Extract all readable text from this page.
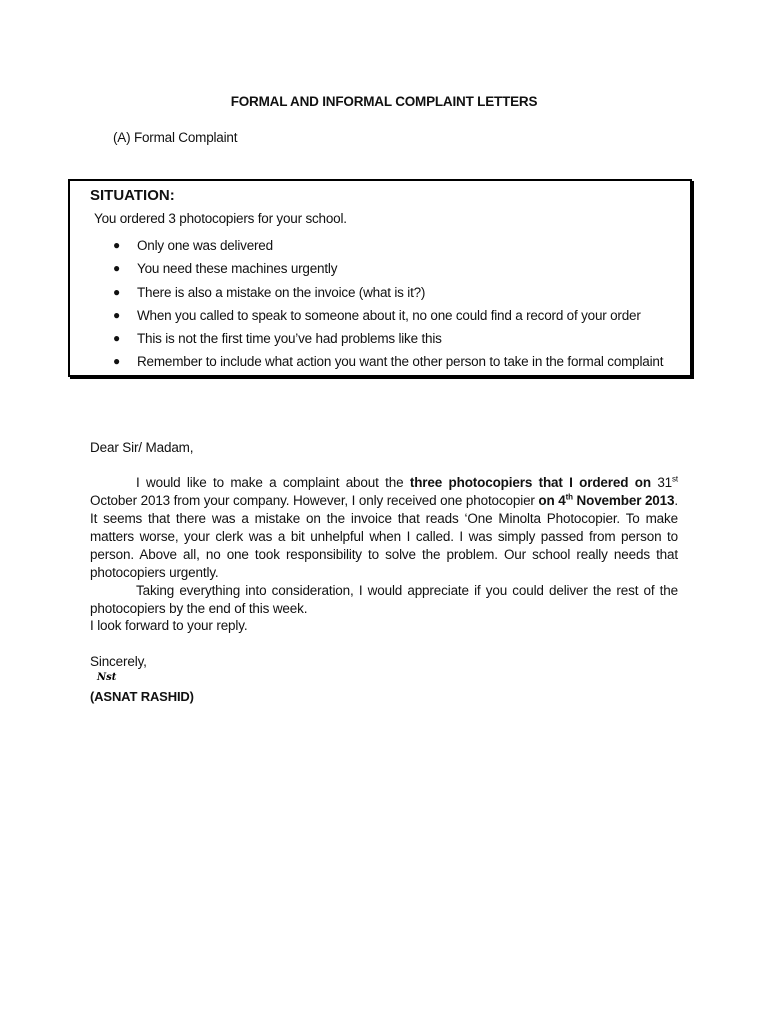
FORMAL AND INFORMAL COMPLAINT LETTERS
(A) Formal Complaint
SITUATION:
You ordered 3 photocopiers for your school.
● Only one was delivered
● You need these machines urgently
● There is also a mistake on the invoice (what is it?)
● When you called to speak to someone about it, no one could find a record of your order
● This is not the first time you’ve had problems like this
● Remember to include what action you want the other person to take in the formal complaint
Dear Sir/ Madam,

I would like to make a complaint about the three photocopiers that I ordered on 31st October 2013 from your company. However, I only received one photocopier on 4th November 2013. It seems that there was a mistake on the invoice that reads ‘One Minolta Photocopier. To make matters worse, your clerk was a bit unhelpful when I called. I was simply passed from person to person. Above all, no one took responsibility to solve the problem. Our school really needs that photocopiers urgently.

Taking everything into consideration, I would appreciate if you could deliver the rest of the photocopiers by the end of this week.

I look forward to your reply.
Sincerely,
Nst
(ASNAT RASHID)
